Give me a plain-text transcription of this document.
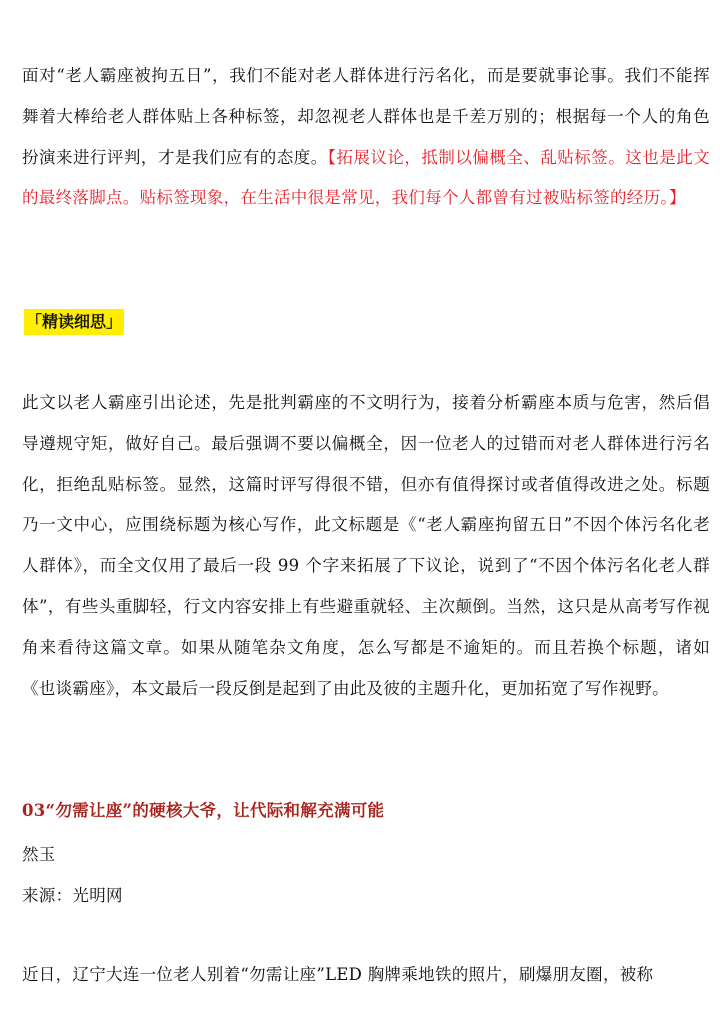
面对“老人霸座被拘五日”，我们不能对老人群体进行污名化，而是要就事论事。我们不能挥舞着大棒给老人群体贴上各种标签，却忽视老人群体也是千差万别的；根据每一个人的角色扮演来进行评判，才是我们应有的态度。【拓展议论，抵制以偏概全、乱贴标签。这也是此文的最终落脚点。贴标签现象，在生活中很是常见，我们每个人都曾有过被贴标签的经历。】

「精读细思」

此文以老人霸座引出论述，先是批判霸座的不文明行为，接着分析霸座本质与危害，然后倡导遵规守矩，做好自己。最后强调不要以偏概全，因一位老人的过错而对老人群体进行污名化，拒绝乱贴标签。显然，这篇时评写得很不错，但亦有值得探讨或者值得改进之处。标题乃一文中心，应围绕标题为核心写作，此文标题是《“老人霸座拘留五日”不因个体污名化老人群体》，而全文仅用了最后一段 99 个字来拓展了下议论，说到了“不因个体污名化老人群体”，有些头重脚轻，行文内容安排上有些避重就轻、主次颠倒。当然，这只是从高考写作视角来看待这篇文章。如果从随笔杂文角度，怎么写都是不逾矩的。而且若换个标题，诸如《也谈霸座》，本文最后一段反倒是起到了由此及彼的主题升化，更加拓宽了写作视野。

03“勿需让座”的硬核大爷，让代际和解充满可能

然玉

来源：光明网

近日，辽宁大连一位老人别着“勿需让座”LED 胸牌乘地铁的照片，刷爆朋友圈，被称
